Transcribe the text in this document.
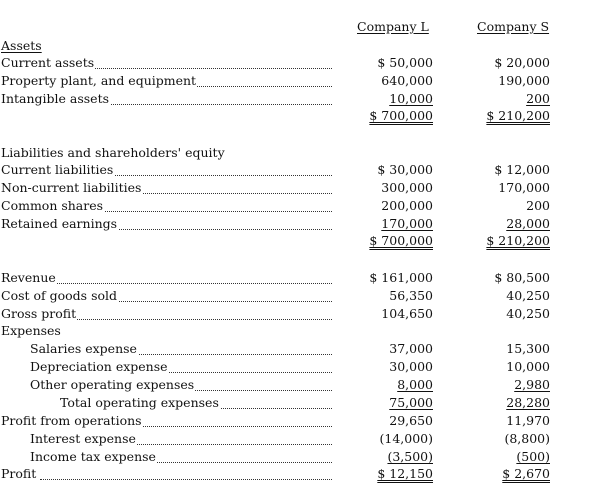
Company L	Company S
Assets
Current assets	$ 50,000	$ 20,000
Property plant, and equipment	640,000	190,000
Intangible assets	10,000	200
$ 700,000	$ 210,200
Liabilities and shareholders' equity
Current liabilities	$ 30,000	$ 12,000
Non-current liabilities	300,000	170,000
Common shares	200,000	200
Retained earnings	170,000	28,000
$ 700,000	$ 210,200
Revenue	$ 161,000	$ 80,500
Cost of goods sold	56,350	40,250
Gross profit	104,650	40,250
Expenses
Salaries expense	37,000	15,300
Depreciation expense	30,000	10,000
Other operating expenses	8,000	2,980
Total operating expenses	75,000	28,280
Profit from operations	29,650	11,970
Interest expense	(14,000)	(8,800)
Income tax expense	(3,500)	(500)
Profit	$ 12,150	$ 2,670
